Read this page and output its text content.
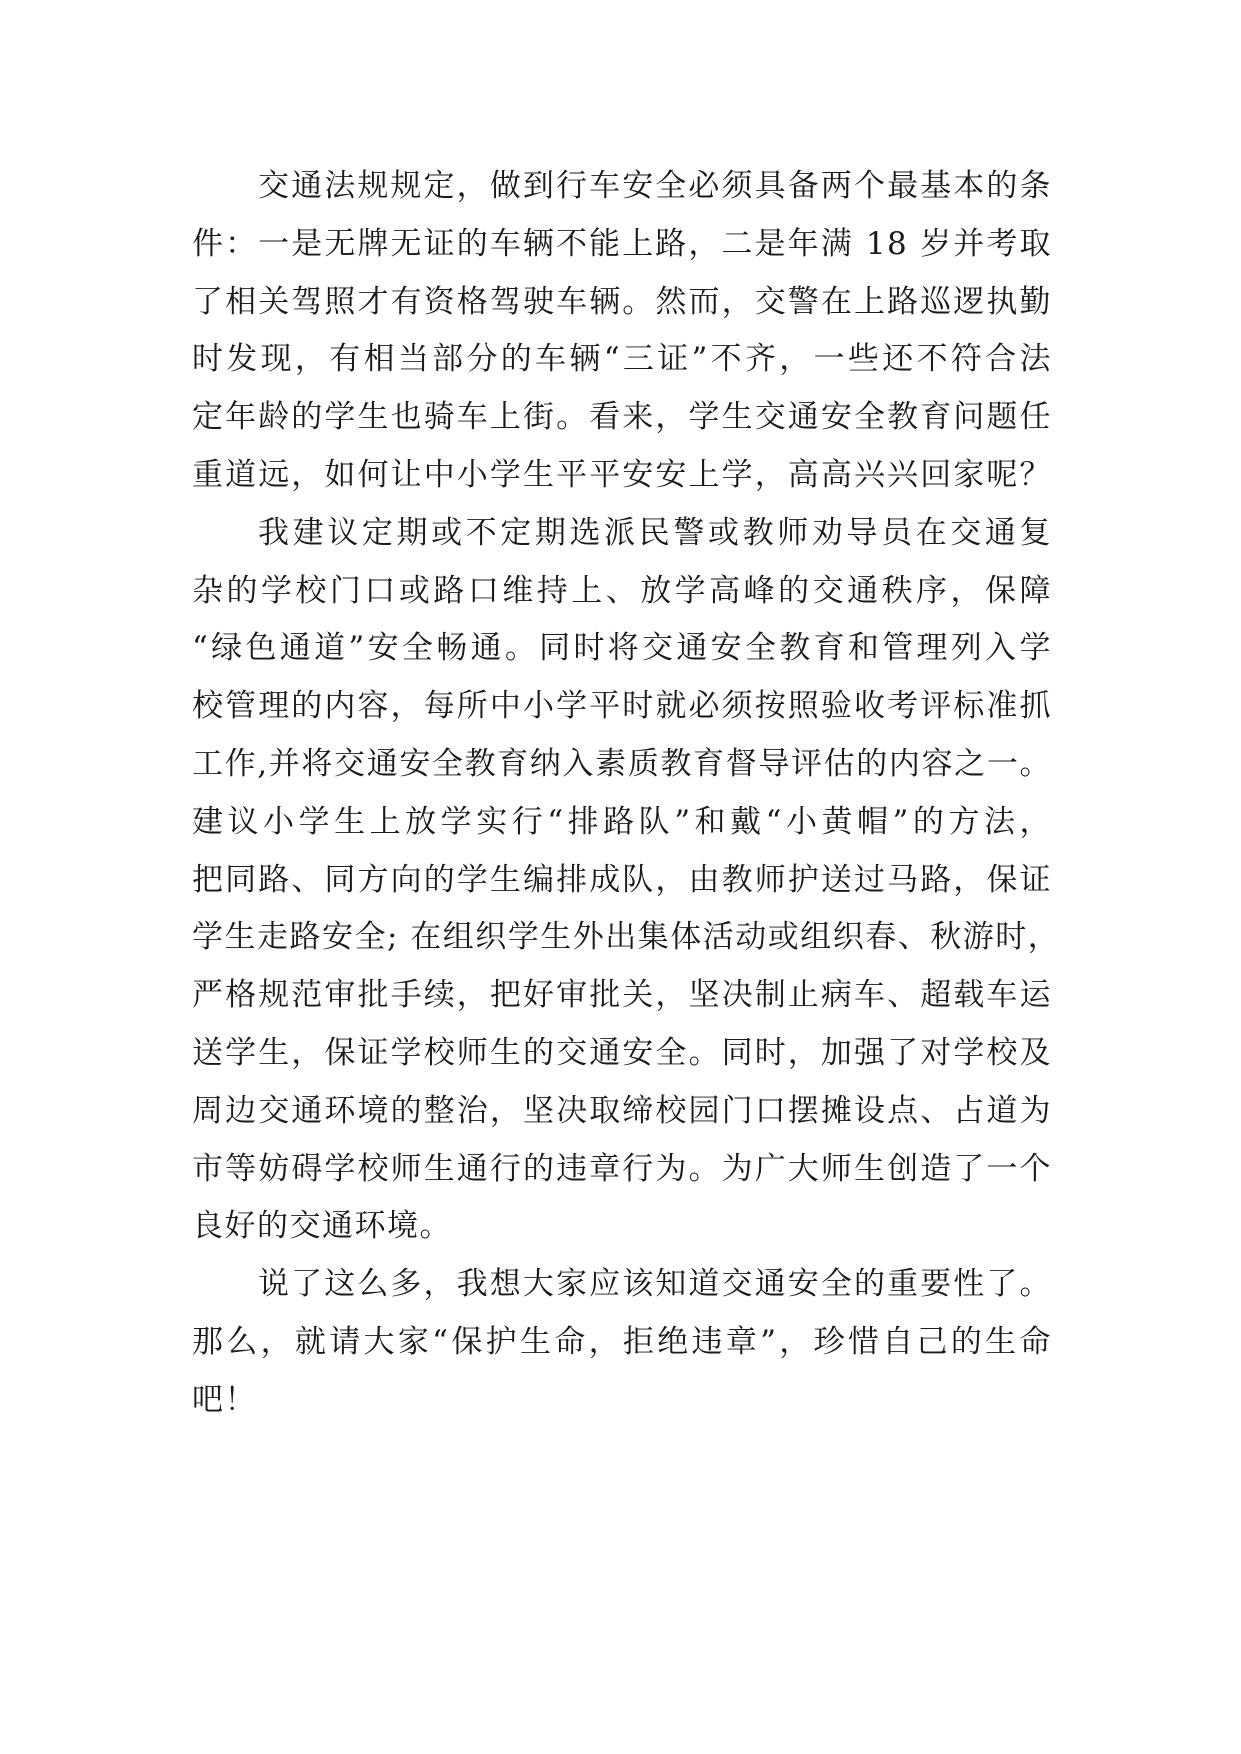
交通法规规定，做到行车安全必须具备两个最基本的条
件：一是无牌无证的车辆不能上路，二是年满 18 岁并考取
了相关驾照才有资格驾驶车辆。然而，交警在上路巡逻执勤
时发现，有相当部分的车辆“三证”不齐，一些还不符合法
定年龄的学生也骑车上街。看来，学生交通安全教育问题任
重道远，如何让中小学生平平安安上学，高高兴兴回家呢？
我建议定期或不定期选派民警或教师劝导员在交通复
杂的学校门口或路口维持上、放学高峰的交通秩序，保障
“绿色通道”安全畅通。同时将交通安全教育和管理列入学
校管理的内容，每所中小学平时就必须按照验收考评标准抓
工作,并将交通安全教育纳入素质教育督导评估的内容之一。
建议小学生上放学实行“排路队”和戴“小黄帽”的方法，
把同路、同方向的学生编排成队，由教师护送过马路，保证
学生走路安全; 在组织学生外出集体活动或组织春、秋游时，
严格规范审批手续，把好审批关，坚决制止病车、超载车运
送学生，保证学校师生的交通安全。同时，加强了对学校及
周边交通环境的整治，坚决取缔校园门口摆摊设点、占道为
市等妨碍学校师生通行的违章行为。为广大师生创造了一个
良好的交通环境。
说了这么多，我想大家应该知道交通安全的重要性了。
那么，就请大家“保护生命，拒绝违章”，珍惜自己的生命
吧！
